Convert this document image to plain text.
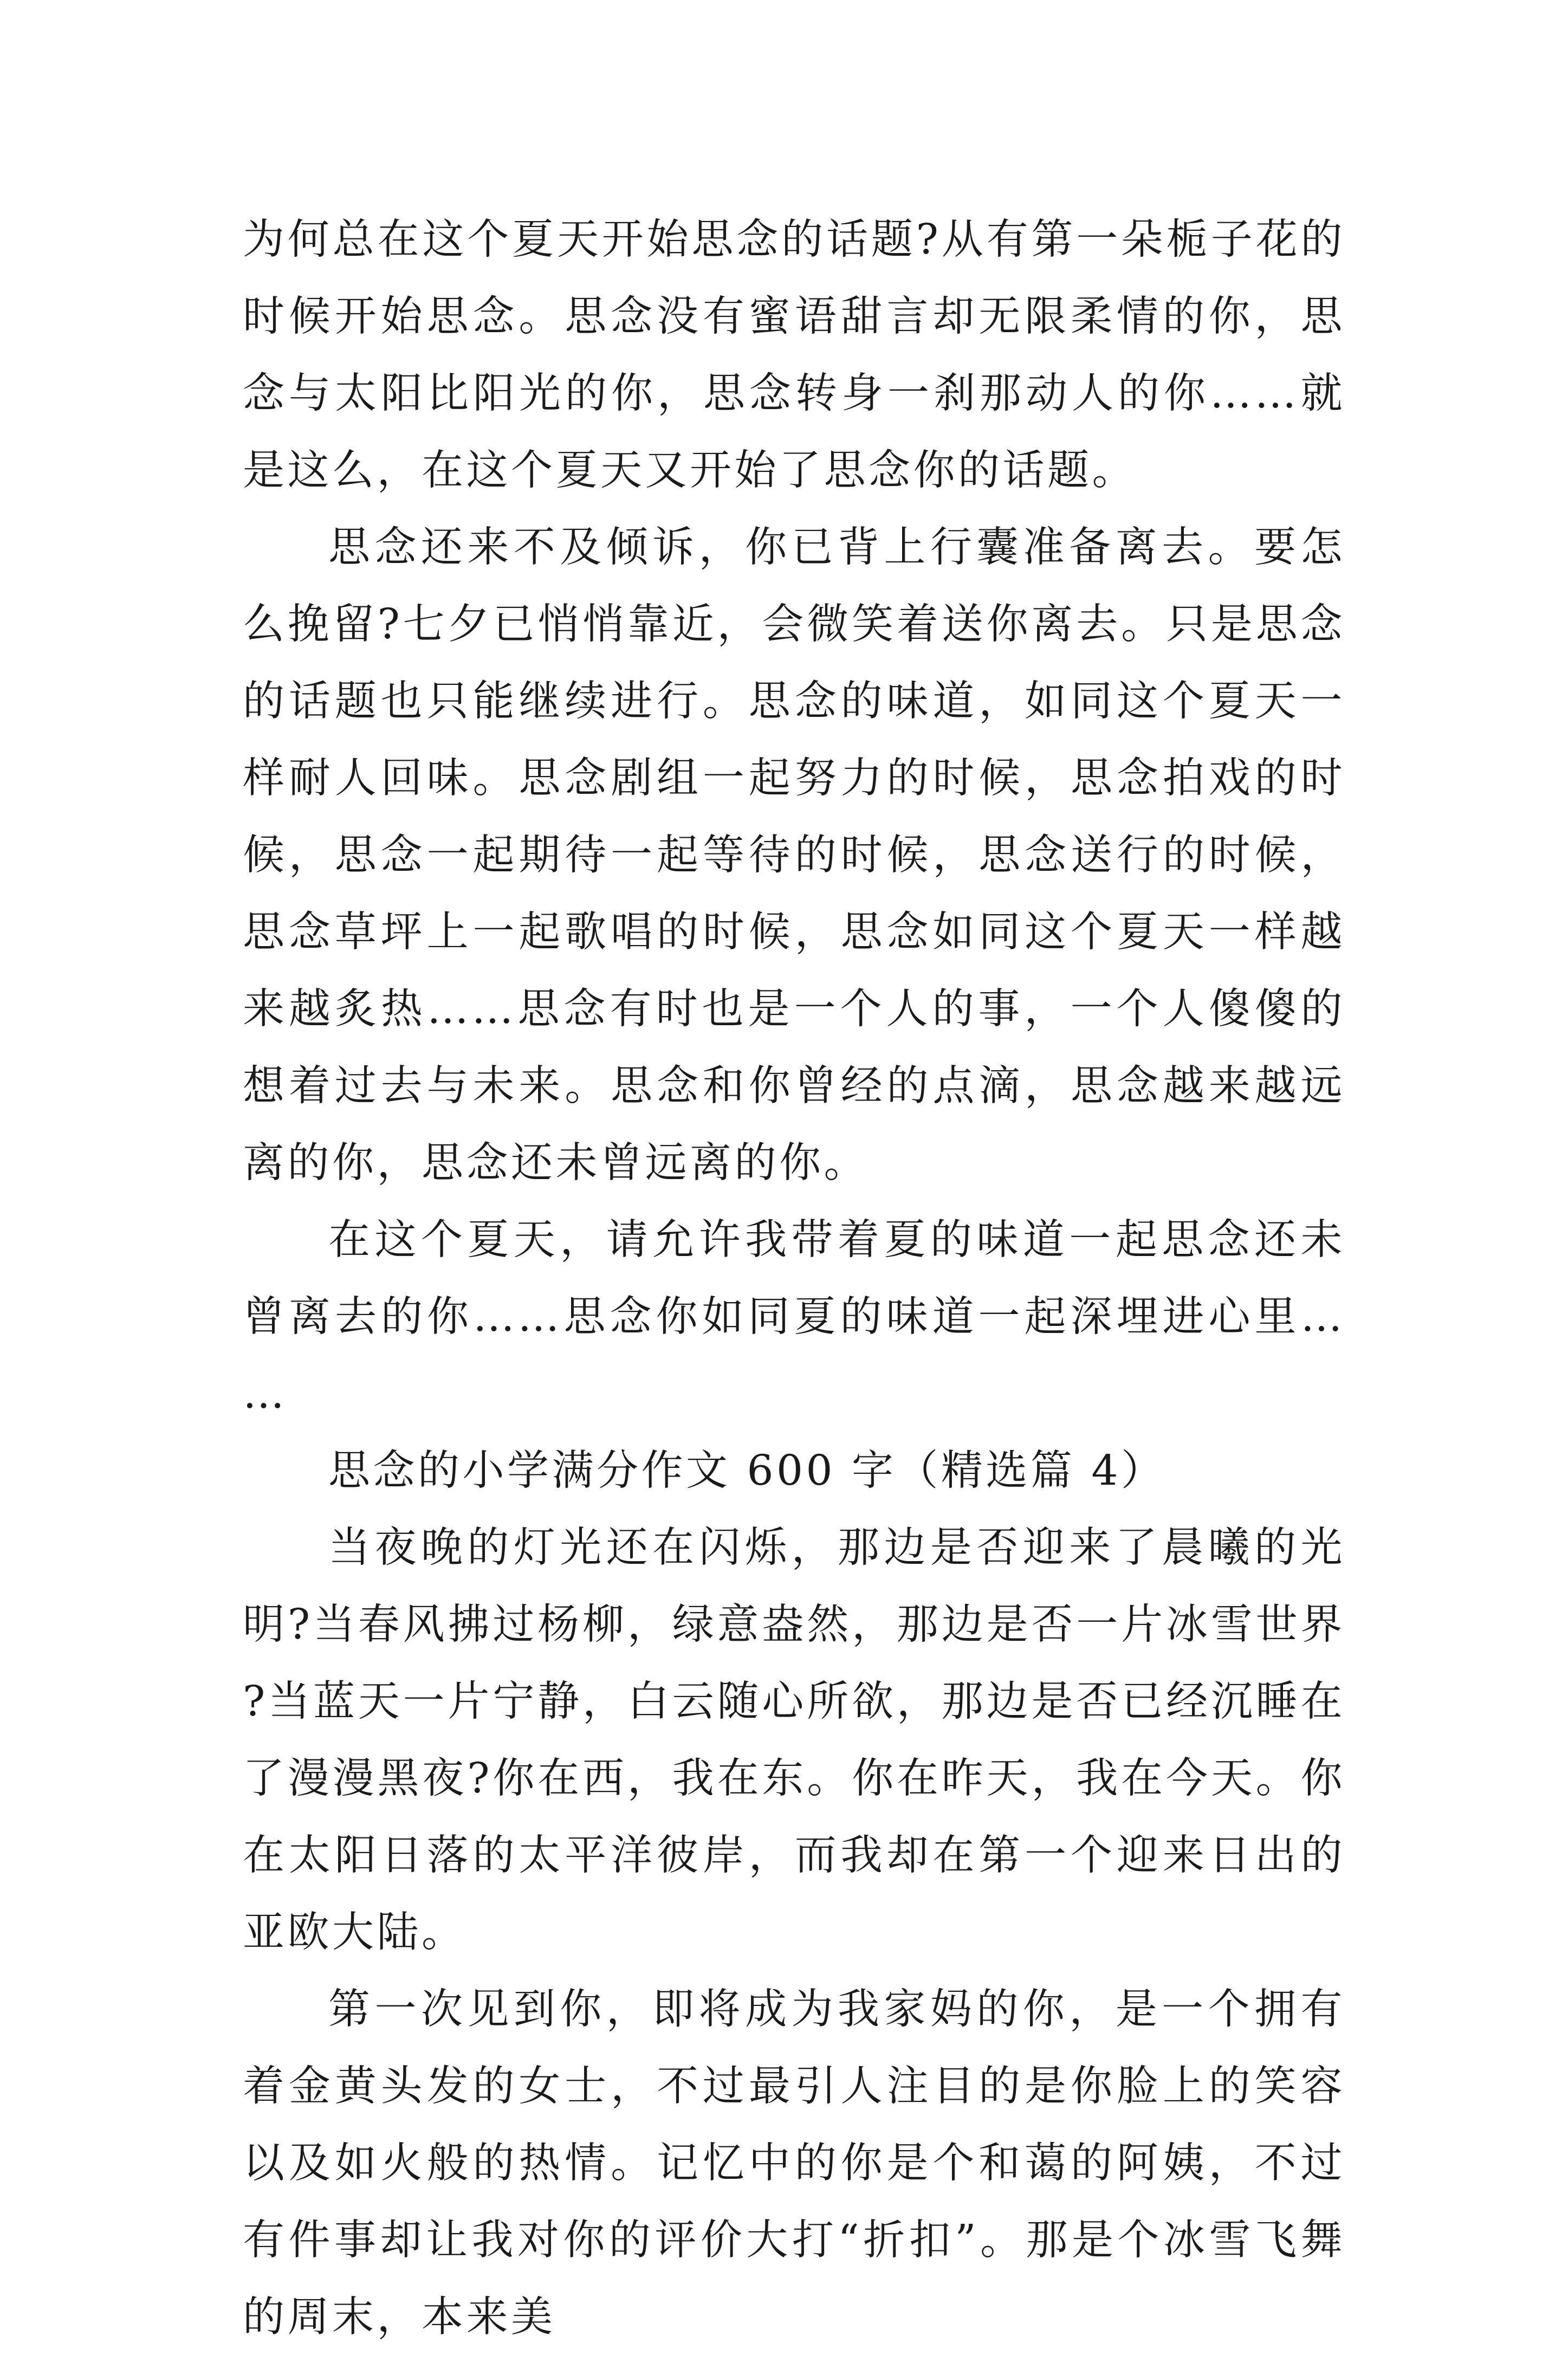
为何总在这个夏天开始思念的话题?从有第一朵栀子花的时候开始思念。思念没有蜜语甜言却无限柔情的你，思念与太阳比阳光的你，思念转身一刹那动人的你……就是这么，在这个夏天又开始了思念你的话题。

思念还来不及倾诉，你已背上行囊准备离去。要怎么挽留?七夕已悄悄靠近，会微笑着送你离去。只是思念的话题也只能继续进行。思念的味道，如同这个夏天一样耐人回味。思念剧组一起努力的时候，思念拍戏的时候，思念一起期待一起等待的时候，思念送行的时候，思念草坪上一起歌唱的时候，思念如同这个夏天一样越来越炙热……思念有时也是一个人的事，一个人傻傻的想着过去与未来。思念和你曾经的点滴，思念越来越远离的你，思念还未曾远离的你。

在这个夏天，请允许我带着夏的味道一起思念还未曾离去的你……思念你如同夏的味道一起深埋进心里……

思念的小学满分作文 600 字（精选篇 4）

当夜晚的灯光还在闪烁，那边是否迎来了晨曦的光明?当春风拂过杨柳，绿意盎然，那边是否一片冰雪世界?当蓝天一片宁静，白云随心所欲，那边是否已经沉睡在了漫漫黑夜?你在西，我在东。你在昨天，我在今天。你在太阳日落的太平洋彼岸，而我却在第一个迎来日出的亚欧大陆。

第一次见到你，即将成为我家妈的你，是一个拥有着金黄头发的女士，不过最引人注目的是你脸上的笑容以及如火般的热情。记忆中的你是个和蔼的阿姨，不过有件事却让我对你的评价大打“折扣”。那是个冰雪飞舞的周末，本来美
